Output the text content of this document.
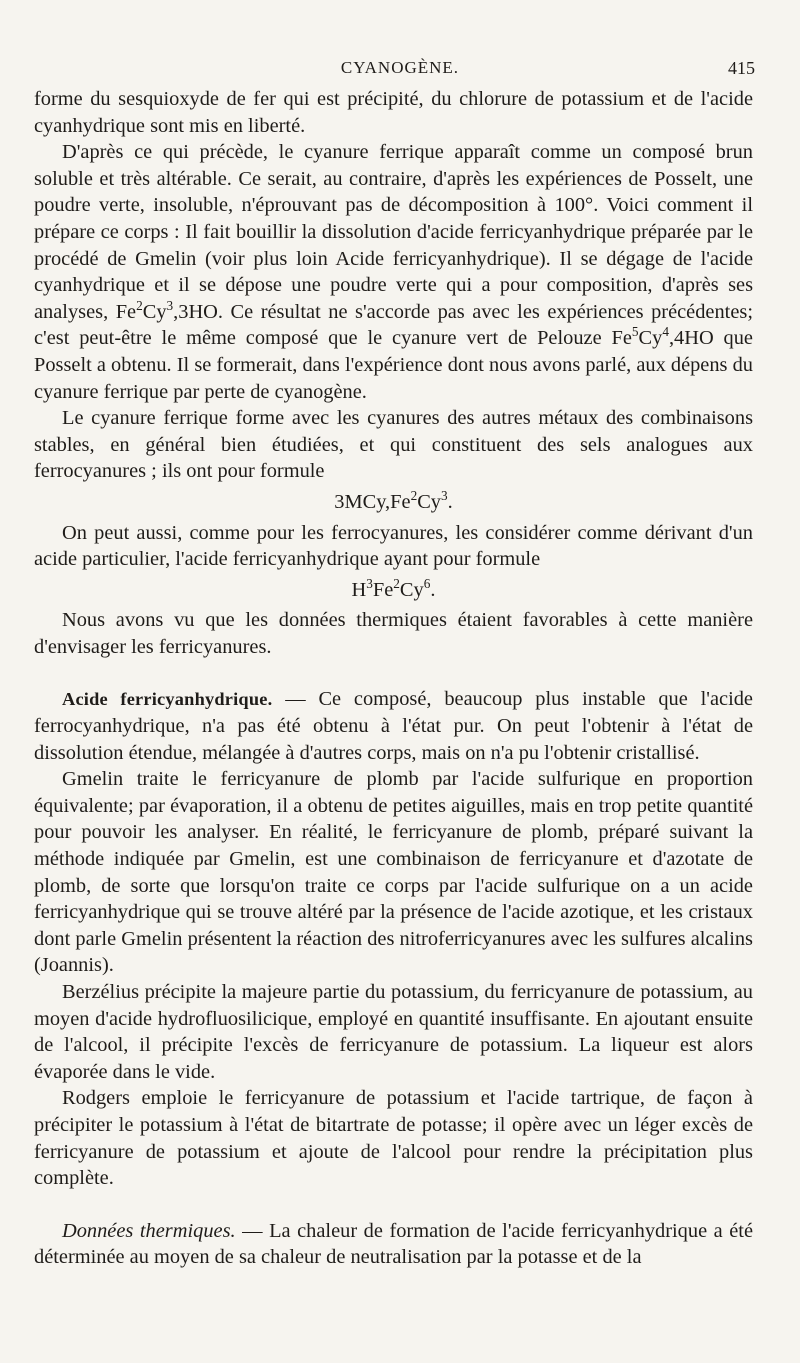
CYANOGÈNE.	415

forme du sesquioxyde de fer qui est précipité, du chlorure de potassium et de l'acide cyanhydrique sont mis en liberté.

D'après ce qui précède, le cyanure ferrique apparaît comme un composé brun soluble et très altérable. Ce serait, au contraire, d'après les expériences de Posselt, une poudre verte, insoluble, n'éprouvant pas de décomposition à 100°. Voici comment il prépare ce corps : Il fait bouillir la dissolution d'acide ferricyanhydrique préparée par le procédé de Gmelin (voir plus loin Acide ferricyanhydrique). Il se dégage de l'acide cyanhydrique et il se dépose une poudre verte qui a pour composition, d'après ses analyses, Fe$^2$Cy$^3$,3HO. Ce résultat ne s'accorde pas avec les expériences précédentes; c'est peut-être le même composé que le cyanure vert de Pelouze Fe$^5$Cy$^4$,4HO que Posselt a obtenu. Il se formerait, dans l'expérience dont nous avons parlé, aux dépens du cyanure ferrique par perte de cyanogène.

Le cyanure ferrique forme avec les cyanures des autres métaux des combinaisons stables, en général bien étudiées, et qui constituent des sels analogues aux ferrocyanures ; ils ont pour formule

3MCy,Fe$^2$Cy$^3$.

On peut aussi, comme pour les ferrocyanures, les considérer comme dérivant d'un acide particulier, l'acide ferricyanhydrique ayant pour formule

$H^3Fe^2Cy^6$.

Nous avons vu que les données thermiques étaient favorables à cette manière d'envisager les ferricyanures.

Acide ferricyanhydrique. — Ce composé, beaucoup plus instable que l'acide ferrocyanhydrique, n'a pas été obtenu à l'état pur. On peut l'obtenir à l'état de dissolution étendue, mélangée à d'autres corps, mais on n'a pu l'obtenir cristallisé.

Gmelin traite le ferricyanure de plomb par l'acide sulfurique en proportion équivalente; par évaporation, il a obtenu de petites aiguilles, mais en trop petite quantité pour pouvoir les analyser. En réalité, le ferricyanure de plomb, préparé suivant la méthode indiquée par Gmelin, est une combinaison de ferricyanure et d'azotate de plomb, de sorte que lorsqu'on traite ce corps par l'acide sulfurique on a un acide ferricyanhydrique qui se trouve altéré par la présence de l'acide azotique, et les cristaux dont parle Gmelin présentent la réaction des nitroferricyanures avec les sulfures alcalins (Joannis).

Berzélius précipite la majeure partie du potassium, du ferricyanure de potassium, au moyen d'acide hydrofluosilicique, employé en quantité insuffisante. En ajoutant ensuite de l'alcool, il précipite l'excès de ferricyanure de potassium. La liqueur est alors évaporée dans le vide.

Rodgers emploie le ferricyanure de potassium et l'acide tartrique, de façon à précipiter le potassium à l'état de bitartrate de potasse; il opère avec un léger excès de ferricyanure de potassium et ajoute de l'alcool pour rendre la précipitation plus complète.

Données thermiques. — La chaleur de formation de l'acide ferricyanhydrique a été déterminée au moyen de sa chaleur de neutralisation par la potasse et de la
